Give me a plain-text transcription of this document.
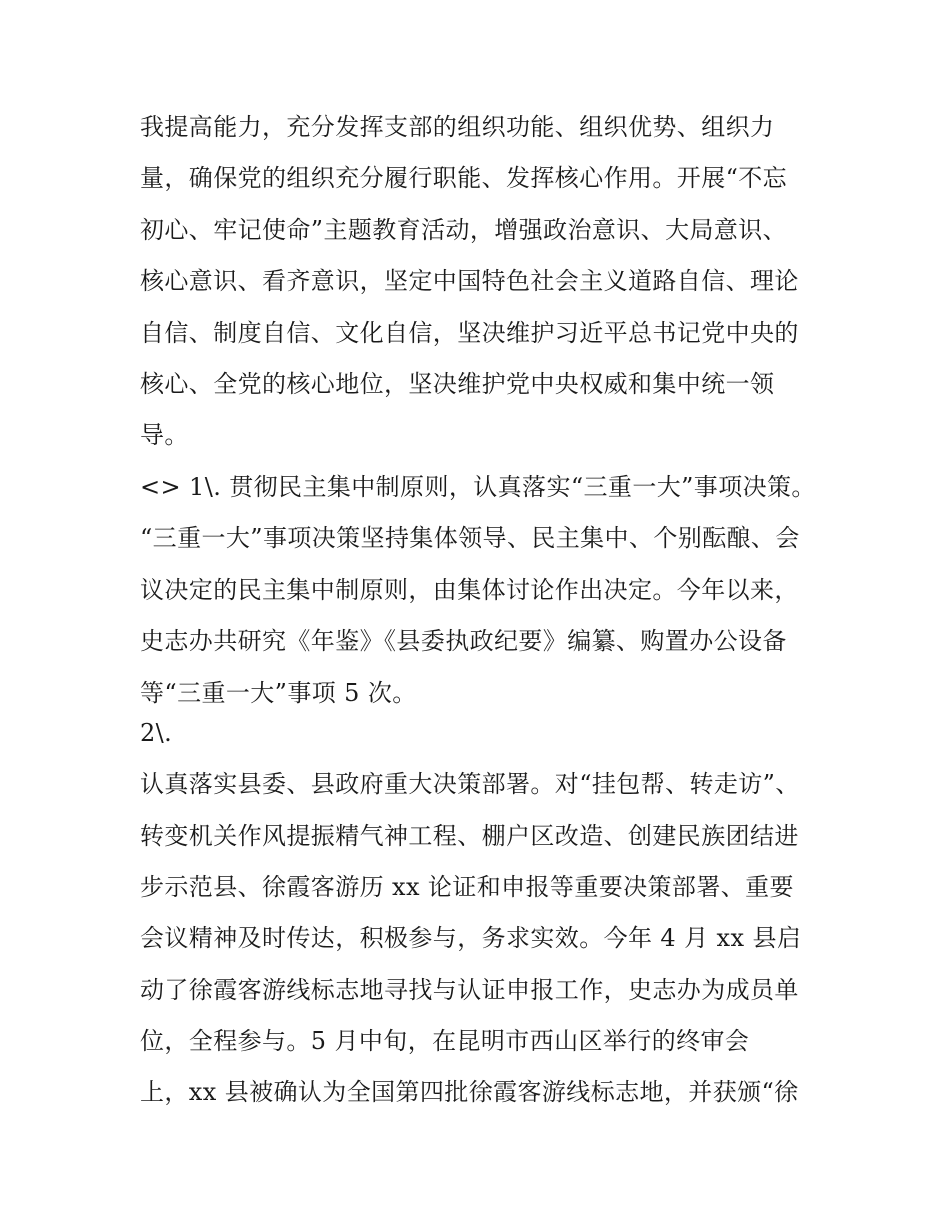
我提高能力，充分发挥支部的组织功能、组织优势、组织力
量，确保党的组织充分履行职能、发挥核心作用。开展“不忘
初心、牢记使命”主题教育活动，增强政治意识、大局意识、
核心意识、看齐意识，坚定中国特色社会主义道路自信、理论
自信、制度自信、文化自信，坚决维护习近平总书记党中央的
核心、全党的核心地位，坚决维护党中央权威和集中统一领
导。
<> 1\. 贯彻民主集中制原则，认真落实“三重一大”事项决策。
“三重一大”事项决策坚持集体领导、民主集中、个别酝酿、会
议决定的民主集中制原则，由集体讨论作出决定。今年以来，
史志办共研究《年鉴》《县委执政纪要》编纂、购置办公设备
等“三重一大”事项 5 次。
2\.
认真落实县委、县政府重大决策部署。对“挂包帮、转走访”、
转变机关作风提振精气神工程、棚户区改造、创建民族团结进
步示范县、徐霞客游历 xx 论证和申报等重要决策部署、重要
会议精神及时传达，积极参与，务求实效。今年 4 月 xx 县启
动了徐霞客游线标志地寻找与认证申报工作，史志办为成员单
位，全程参与。5 月中旬，在昆明市西山区举行的终审会
上，xx 县被确认为全国第四批徐霞客游线标志地，并获颁“徐
